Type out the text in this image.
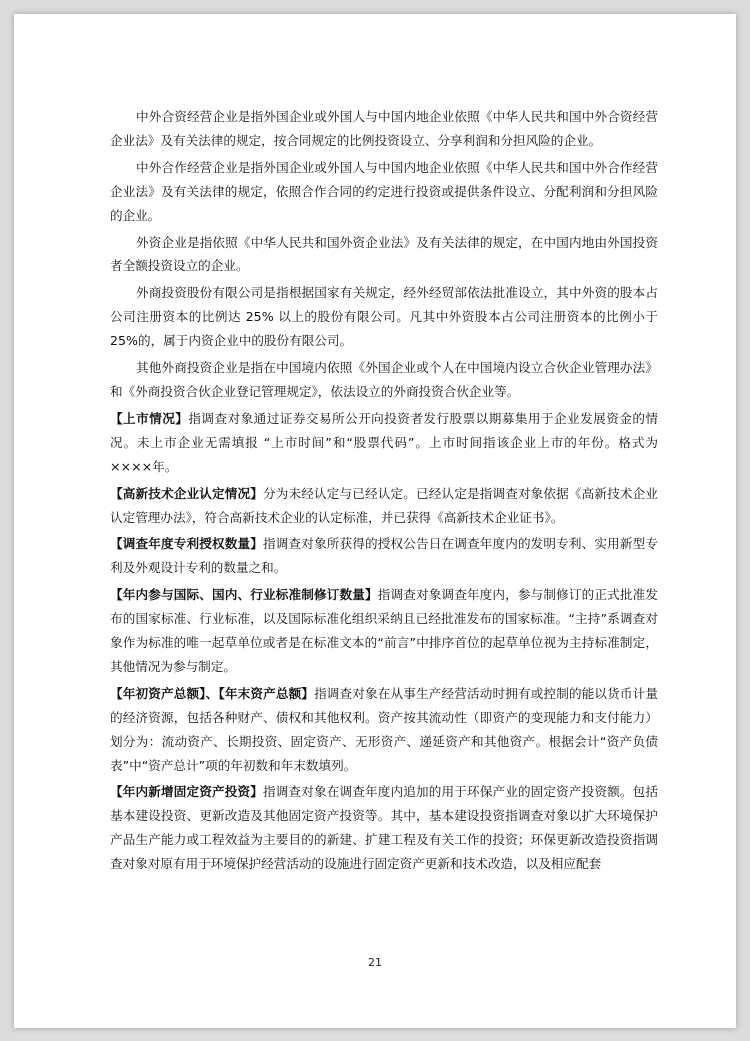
中外合资经营企业是指外国企业或外国人与中国内地企业依照《中华人民共和国中外合资经营企业法》及有关法律的规定，按合同规定的比例投资设立、分享利润和分担风险的企业。

中外合作经营企业是指外国企业或外国人与中国内地企业依照《中华人民共和国中外合作经营企业法》及有关法律的规定，依照合作合同的约定进行投资或提供条件设立、分配利润和分担风险的企业。

外资企业是指依照《中华人民共和国外资企业法》及有关法律的规定，在中国内地由外国投资者全额投资设立的企业。

外商投资股份有限公司是指根据国家有关规定，经外经贸部依法批准设立，其中外资的股本占公司注册资本的比例达 25% 以上的股份有限公司。凡其中外资股本占公司注册资本的比例小于 25%的，属于内资企业中的股份有限公司。

其他外商投资企业是指在中国境内依照《外国企业或个人在中国境内设立合伙企业管理办法》和《外商投资合伙企业登记管理规定》，依法设立的外商投资合伙企业等。

【上市情况】指调查对象通过证券交易所公开向投资者发行股票以期募集用于企业发展资金的情况。未上市企业无需填报 “上市时间”和“股票代码”。上市时间指该企业上市的年份。格式为××××年。

【高新技术企业认定情况】分为未经认定与已经认定。已经认定是指调查对象依据《高新技术企业认定管理办法》，符合高新技术企业的认定标准，并已获得《高新技术企业证书》。

【调查年度专利授权数量】指调查对象所获得的授权公告日在调查年度内的发明专利、实用新型专利及外观设计专利的数量之和。

【年内参与国际、国内、行业标准制修订数量】指调查对象调查年度内，参与制修订的正式批准发布的国家标准、行业标准，以及国际标准化组织采纳且已经批准发布的国家标准。“主持”系调查对象作为标准的唯一起草单位或者是在标准文本的“前言”中排序首位的起草单位视为主持标准制定，其他情况为参与制定。

【年初资产总额】、【年末资产总额】指调查对象在从事生产经营活动时拥有或控制的能以货币计量的经济资源，包括各种财产、债权和其他权利。资产按其流动性（即资产的变现能力和支付能力）划分为：流动资产、长期投资、固定资产、无形资产、递延资产和其他资产。根据会计“资产负债表”中“资产总计”项的年初数和年末数填列。

【年内新增固定资产投资】指调查对象在调查年度内追加的用于环保产业的固定资产投资额。包括基本建设投资、更新改造及其他固定资产投资等。其中，基本建设投资指调查对象以扩大环境保护产品生产能力或工程效益为主要目的的新建、扩建工程及有关工作的投资；环保更新改造投资指调查对象对原有用于环境保护经营活动的设施进行固定资产更新和技术改造，以及相应配套

21
